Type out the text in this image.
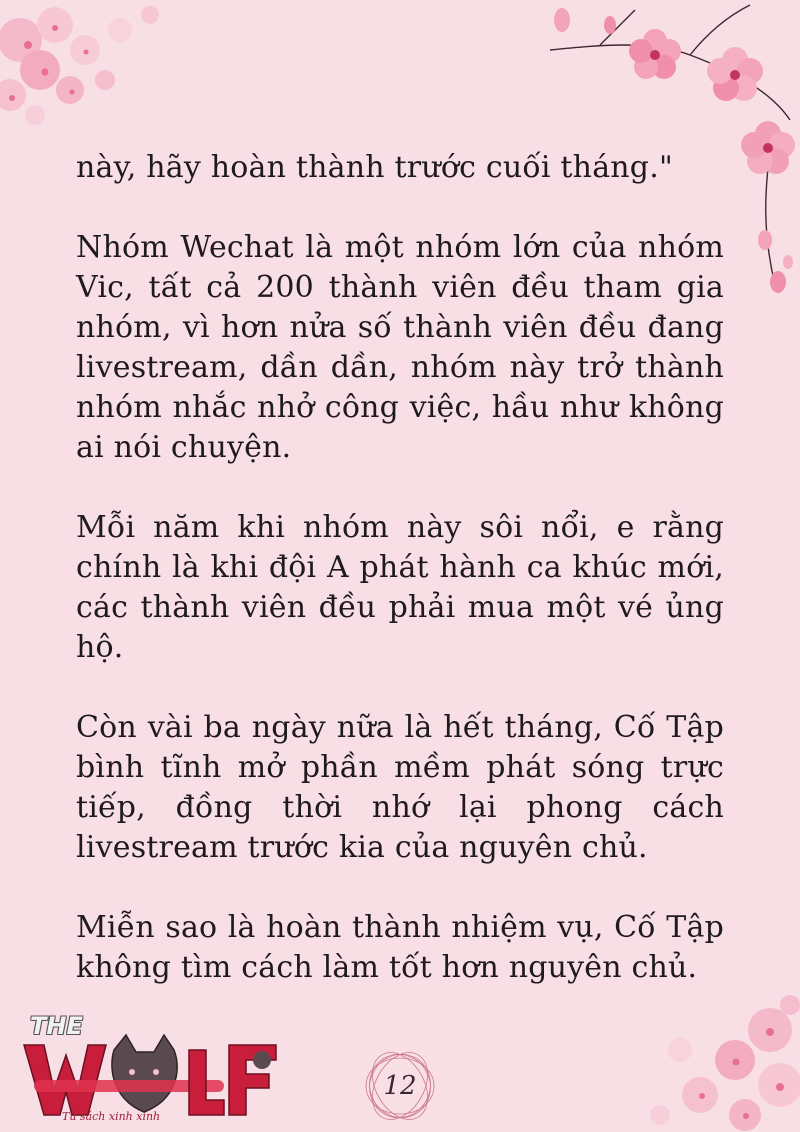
này, hãy hoàn thành trước cuối tháng."

Nhóm Wechat là một nhóm lớn của nhóm Vic, tất cả 200 thành viên đều tham gia nhóm, vì hơn nửa số thành viên đều đang livestream, dần dần, nhóm này trở thành nhóm nhắc nhở công việc, hầu như không ai nói chuyện.

Mỗi năm khi nhóm này sôi nổi, e rằng chính là khi đội A phát hành ca khúc mới, các thành viên đều phải mua một vé ủng hộ.

Còn vài ba ngày nữa là hết tháng, Cố Tập bình tĩnh mở phần mềm phát sóng trực tiếp, đồng thời nhớ lại phong cách livestream trước kia của nguyên chủ.

Miễn sao là hoàn thành nhiệm vụ, Cố Tập không tìm cách làm tốt hơn nguyên chủ.

THE
Tủ sách xinh xinh
12
